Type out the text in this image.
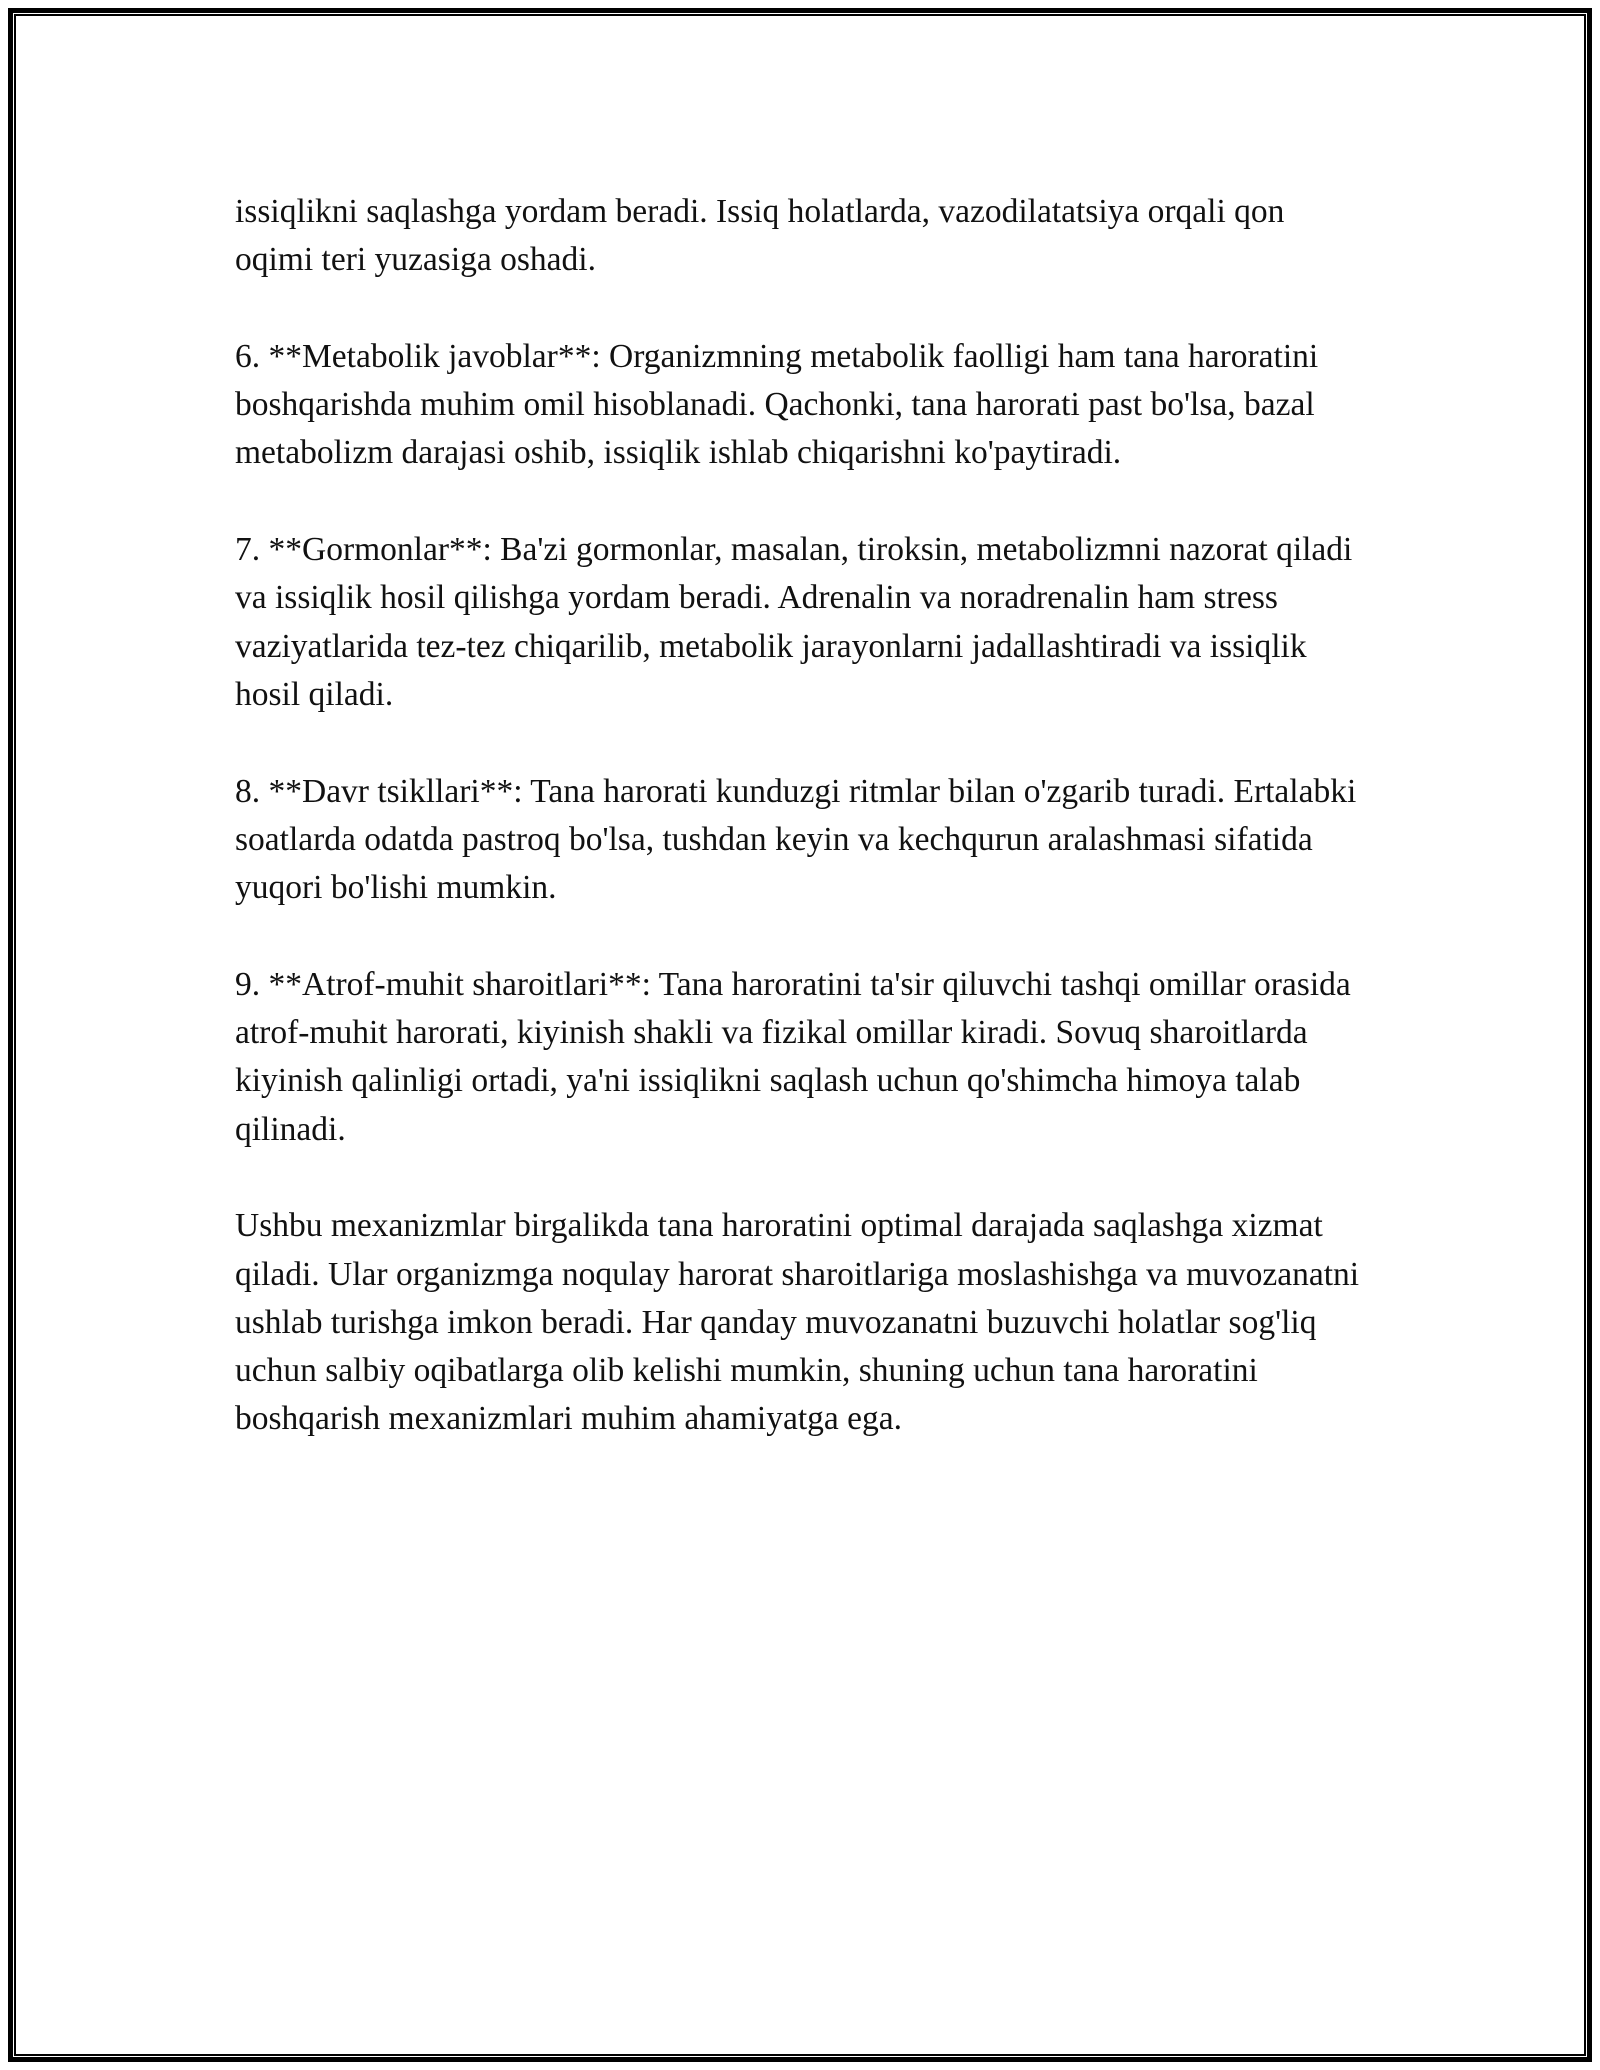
issiqlikni saqlashga yordam beradi. Issiq holatlarda, vazodilatatsiya orqali qon oqimi teri yuzasiga oshadi.

6. **Metabolik javoblar**: Organizmning metabolik faolligi ham tana haroratini boshqarishda muhim omil hisoblanadi. Qachonki, tana harorati past bo'lsa, bazal metabolizm darajasi oshib, issiqlik ishlab chiqarishni ko'paytiradi.

7. **Gormonlar**: Ba'zi gormonlar, masalan, tiroksin, metabolizmni nazorat qiladi va issiqlik hosil qilishga yordam beradi. Adrenalin va noradrenalin ham stress vaziyatlarida tez-tez chiqarilib, metabolik jarayonlarni jadallashtiradi va issiqlik hosil qiladi.

8. **Davr tsikllari**: Tana harorati kunduzgi ritmlar bilan o'zgarib turadi. Ertalabki soatlarda odatda pastroq bo'lsa, tushdan keyin va kechqurun aralashmasi sifatida yuqori bo'lishi mumkin.

9. **Atrof-muhit sharoitlari**: Tana haroratini ta'sir qiluvchi tashqi omillar orasida atrof-muhit harorati, kiyinish shakli va fizikal omillar kiradi. Sovuq sharoitlarda kiyinish qalinligi ortadi, ya'ni issiqlikni saqlash uchun qo'shimcha himoya talab qilinadi.

Ushbu mexanizmlar birgalikda tana haroratini optimal darajada saqlashga xizmat qiladi. Ular organizmga noqulay harorat sharoitlariga moslashishga va muvozanatni ushlab turishga imkon beradi. Har qanday muvozanatni buzuvchi holatlar sog'liq uchun salbiy oqibatlarga olib kelishi mumkin, shuning uchun tana haroratini boshqarish mexanizmlari muhim ahamiyatga ega.
